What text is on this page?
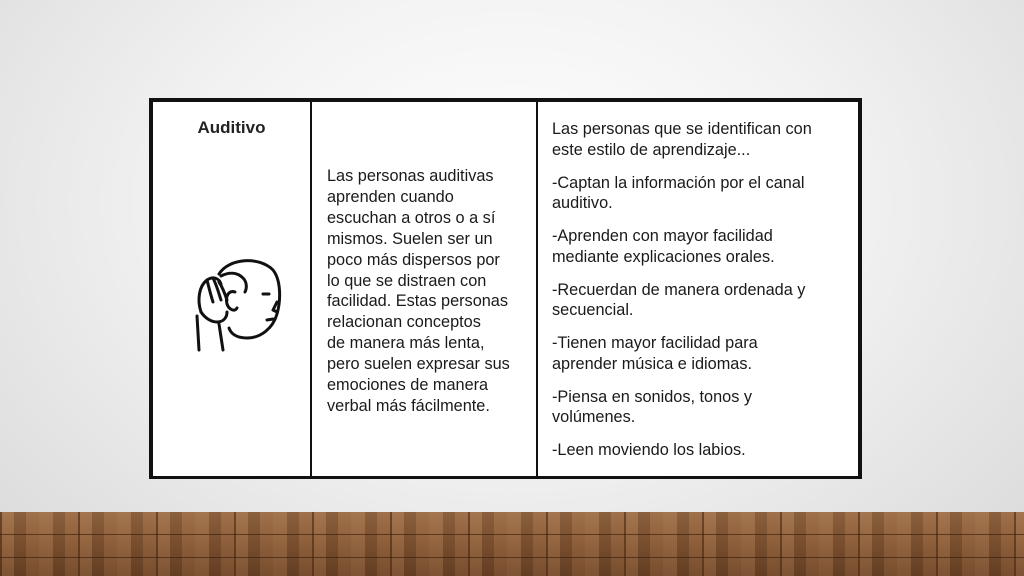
Auditivo
Las personas auditivas
aprenden cuando
escuchan a otros o a sí
mismos. Suelen ser un
poco más dispersos por
lo que se distraen con
facilidad. Estas personas
relacionan conceptos
de manera más lenta,
pero suelen expresar sus
emociones de manera
verbal más fácilmente.
Las personas que se identifican con
este estilo de aprendizaje...
-Captan la información por el canal
auditivo.
-Aprenden con mayor facilidad
mediante explicaciones orales.
-Recuerdan de manera ordenada y
secuencial.
-Tienen mayor facilidad para
aprender música e idiomas.
-Piensa en sonidos, tonos y
volúmenes.
-Leen moviendo los labios.
